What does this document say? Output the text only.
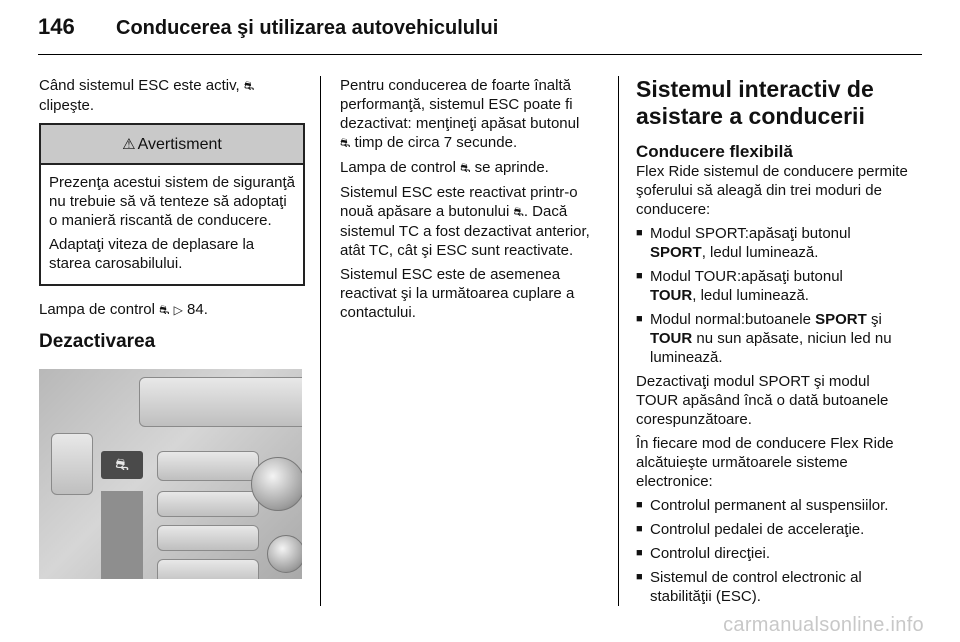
146	Conducerea şi utilizarea autovehiculului

Când sistemul ESC este activ, ⛐
clipeşte.

⚠ Avertisment

Prezenţa acestui sistem de siguranţă nu trebuie să vă tenteze să adoptaţi o manieră riscantă de conducere.

Adaptaţi viteza de deplasare la starea carosabilului.

Lampa de control ⛐ ▷ 84.

Dezactivarea
⛐

Pentru conducerea de foarte înaltă performanţă, sistemul ESC poate fi dezactivat: menţineţi apăsat butonul
⛐ timp de circa 7 secunde.

Lampa de control ⛐ se aprinde.

Sistemul ESC este reactivat printr-o nouă apăsare a butonului ⛐. Dacă sistemul TC a fost dezactivat anterior, atât TC, cât şi ESC sunt reactivate.

Sistemul ESC este de asemenea reactivat şi la următoarea cuplare a contactului.

Sistemul interactiv de asistare a conducerii
Conducere flexibilă

Flex Ride sistemul de conducere permite şoferului să aleagă din trei moduri de conducere:

■ Modul SPORT:apăsaţi butonul
SPORT, ledul luminează.
■ Modul TOUR:apăsaţi butonul
TOUR, ledul luminează.
■ Modul normal:butoanele SPORT şi
TOUR nu sun apăsate, niciun led nu luminează.

Dezactivaţi modul SPORT şi modul TOUR apăsând încă o dată butoanele corespunzătoare.

În fiecare mod de conducere Flex Ride alcătuieşte următoarele sisteme electronice:

■ Controlul permanent al suspensiilor.
■ Controlul pedalei de acceleraţie.
■ Controlul direcţiei.
■ Sistemul de control electronic al stabilităţii (ESC).
carmanualsonline.info
